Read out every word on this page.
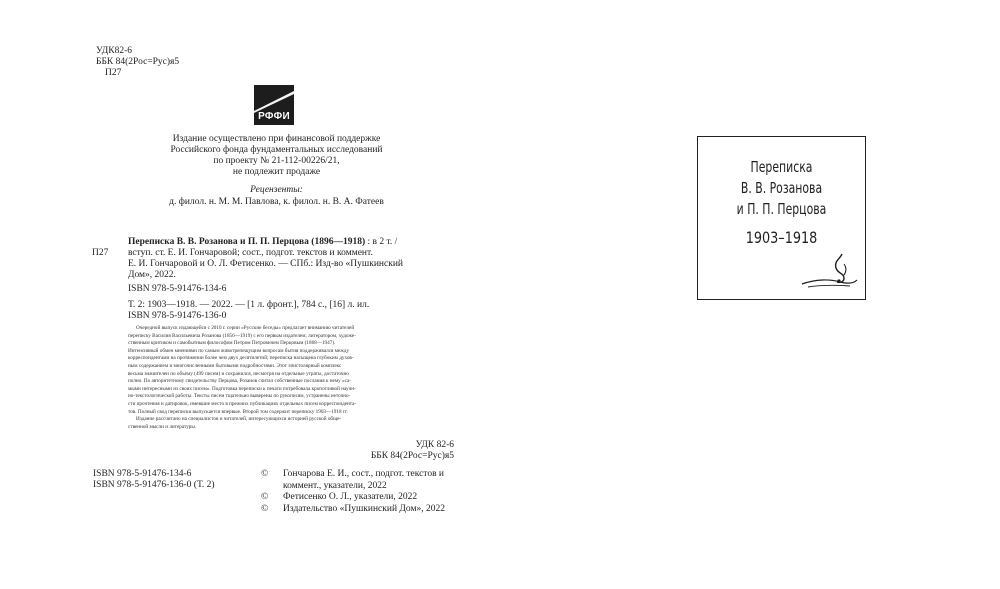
УДК82-6
ББК 84(2Рос=Рус)я5
П27
РФФИ
Издание осуществлено при финансовой поддержке
Российского фонда фундаментальных исследований
по проекту № 21-112-00226/21,
не подлежит продаже
Рецензенты:
д. филол. н. М. М. Павлова, к. филол. н. В. А. Фатеев
П27
Переписка В. В. Розанова и П. П. Перцова (1896—1918) : в 2 т. /
вступ. ст. Е. И. Гончаровой; сост., подгот. текстов и коммент.
Е. И. Гончаровой и О. Л. Фетисенко. — СПб.: Изд-во «Пушкинский
Дом», 2022.
ISBN 978-5-91476-134-6
Т. 2: 1903—1918. — 2022. — [1 л. фронт.], 784 с., [16] л. ил.
ISBN 978-5-91476-136-0
Очередной выпуск издающейся с 2010 г. серии «Русские беседы» предлагает вниманию читателей
переписку Василия Васильевича Розанова (1856—1919) с его первым издателем, литератором, художе-
ственным критиком и самобытным философом Петром Петровичем Перцовым (1868—1947).
Интенсивный обмен мнениями по самым животрепещущим вопросам бытия поддерживался между
корреспондентами на протяжении более чем двух десятилетий; переписка насыщена глубоким духов-
ным содержанием и многочисленными бытовыми подробностями. Этот эпистолярный комплекс
весьма значителен по объему (499 писем) и сохранился, несмотря на отдельные утраты, достаточно
полно. По авторитетному свидетельству Перцова, Розанов считал собственные послания к нему «са-
мыми интересными из своих писем». Подготовка переписки к печати потребовала кропотливой научн-
но-текстологической работы. Тексты писем тщательно выверены по рукописям, устранены неточно-
сти прочтения и датировок, имевшие место в прежних публикациях отдельных писем корреспондента-
тов. Полный свод переписки выпускается впервые. Второй том содержит переписку 1903—1918 гг.
Издание рассчитано на специалистов и читателей, интересующихся историей русской обще-
ственной мысли и литературы.
УДК 82-6
ББК 84(2Рос=Рус)я5
ISBN 978-5-91476-134-6
ISBN 978-5-91476-136-0 (Т. 2)
© Гончарова Е. И., сост., подгот. текстов и
коммент., указатели, 2022
© Фетисенко О. Л., указатели, 2022
© Издательство «Пушкинский Дом», 2022
Переписка
В. В. Розанова
и П. П. Перцова
1903–1918
